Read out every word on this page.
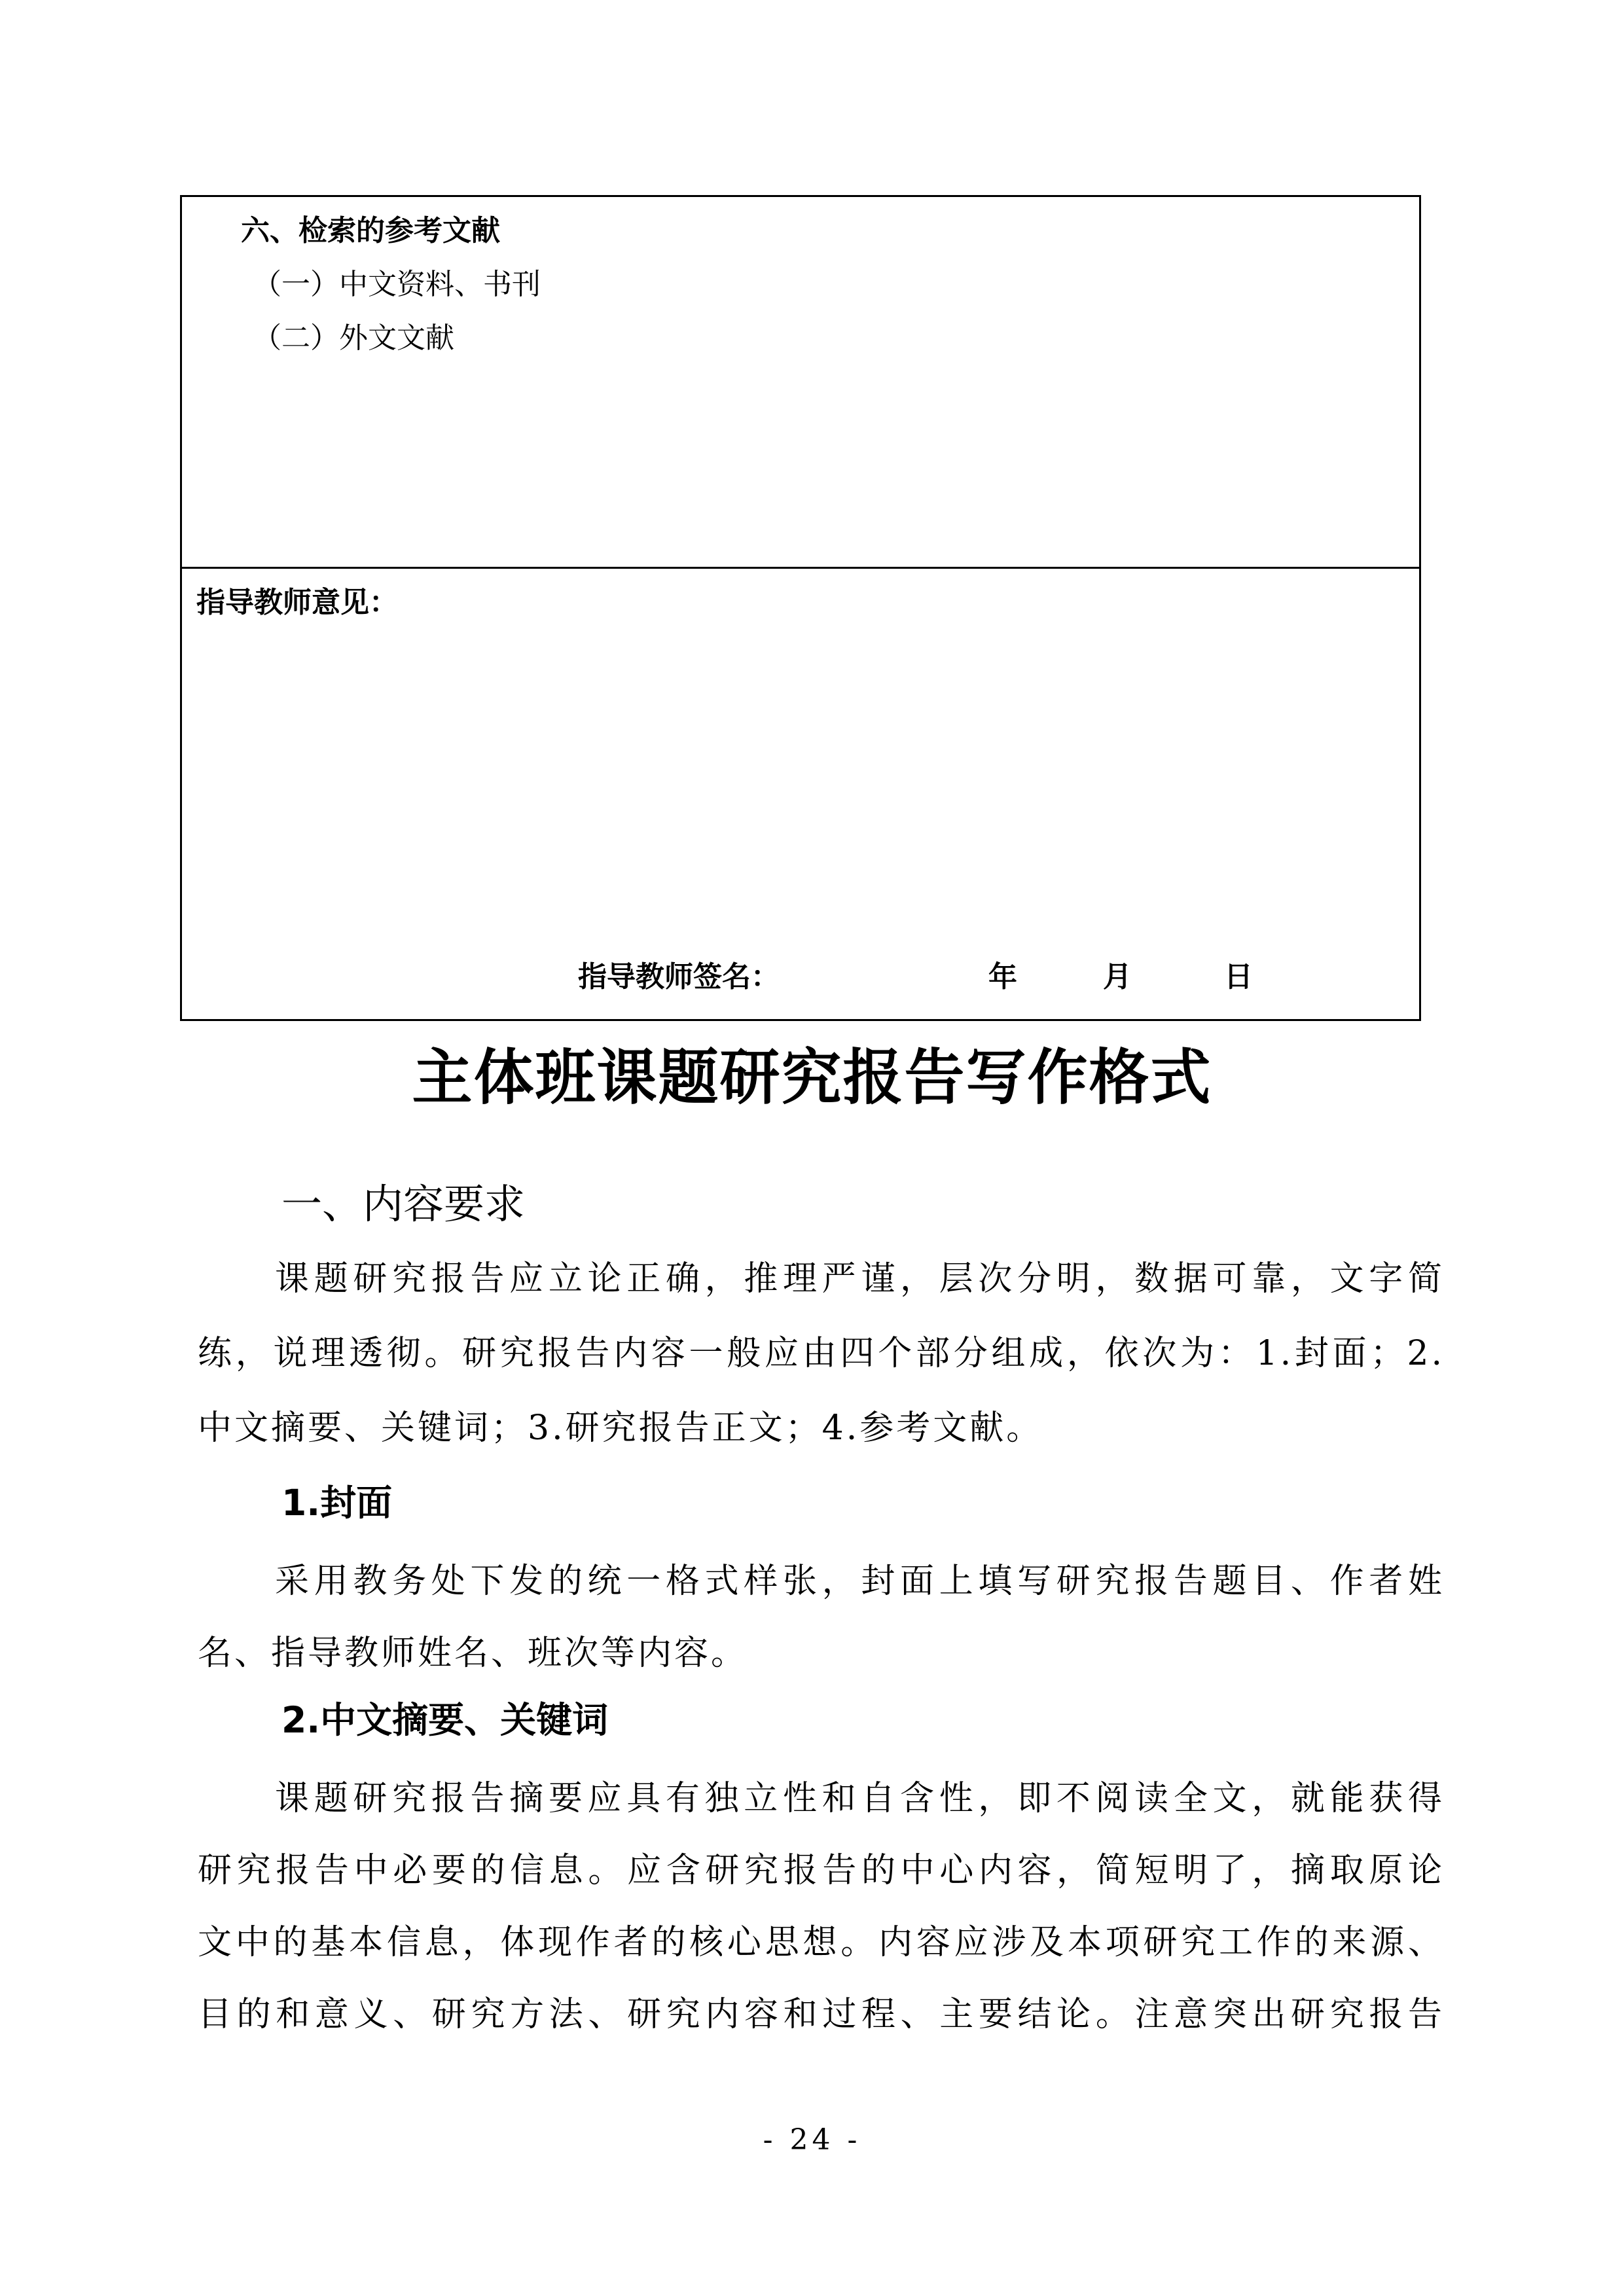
六、检索的参考文献
（一）中文资料、书刊
（二）外文文献
指导教师意见：
指导教师签名：	年	月	日
主体班课题研究报告写作格式
一、内容要求
课题研究报告应立论正确，推理严谨，层次分明，数据可靠，文字简
练，说理透彻。研究报告内容一般应由四个部分组成，依次为：1.封面；2.
中文摘要、关键词；3.研究报告正文；4.参考文献。
1.封面
采用教务处下发的统一格式样张，封面上填写研究报告题目、作者姓
名、指导教师姓名、班次等内容。
2.中文摘要、关键词
课题研究报告摘要应具有独立性和自含性，即不阅读全文，就能获得
研究报告中必要的信息。应含研究报告的中心内容，简短明了，摘取原论
文中的基本信息，体现作者的核心思想。内容应涉及本项研究工作的来源、
目的和意义、研究方法、研究内容和过程、主要结论。注意突出研究报告
- 24 -
